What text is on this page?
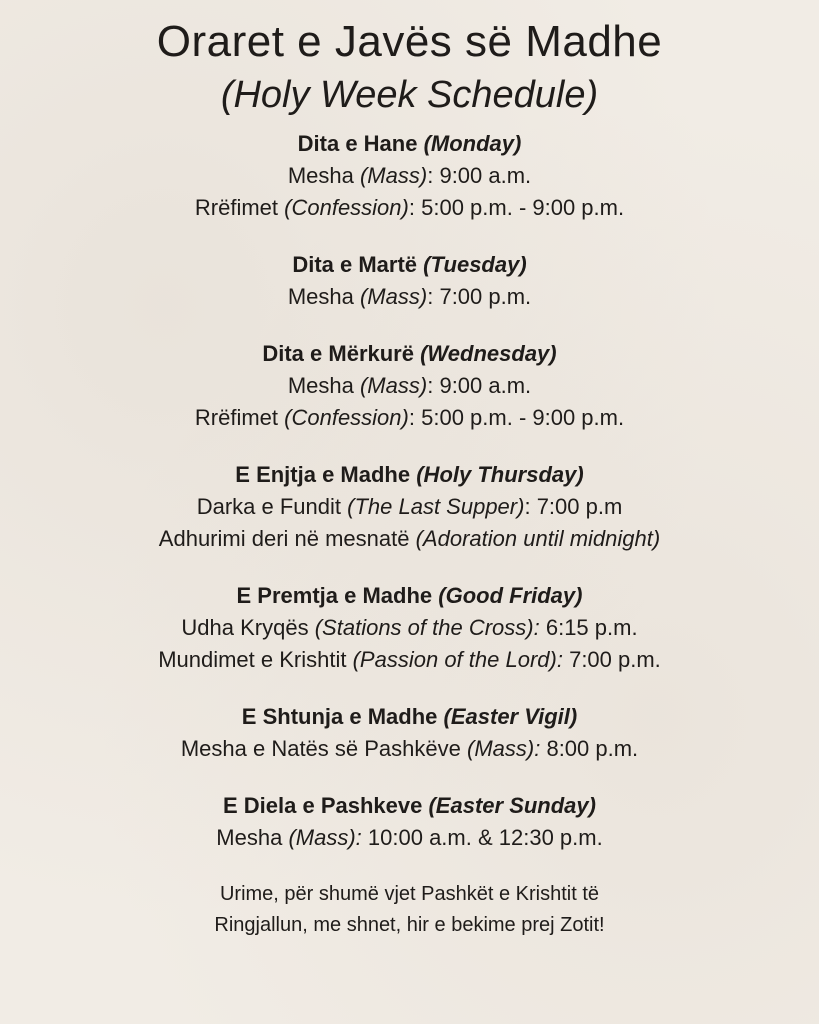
Oraret e Javës së Madhe
(Holy Week Schedule)
Dita e Hane (Monday)
Mesha (Mass): 9:00 a.m.
Rrëfimet (Confession): 5:00 p.m. - 9:00 p.m.
Dita e Martë (Tuesday)
Mesha (Mass): 7:00 p.m.
Dita e Mërkurë (Wednesday)
Mesha (Mass): 9:00 a.m.
Rrëfimet (Confession): 5:00 p.m. - 9:00 p.m.
E Enjtja e Madhe (Holy Thursday)
Darka e Fundit (The Last Supper): 7:00 p.m
Adhurimi deri në mesnatë (Adoration until midnight)
E Premtja e Madhe (Good Friday)
Udha Kryqës (Stations of the Cross): 6:15 p.m.
Mundimet e Krishtit (Passion of the Lord): 7:00 p.m.
E Shtunja e Madhe (Easter Vigil)
Mesha e Natës së Pashkëve (Mass): 8:00 p.m.
E Diela e Pashkeve (Easter Sunday)
Mesha (Mass): 10:00 a.m. & 12:30 p.m.
Urime, për shumë vjet Pashkët e Krishtit të
Ringjallun, me shnet, hir e bekime prej Zotit!
